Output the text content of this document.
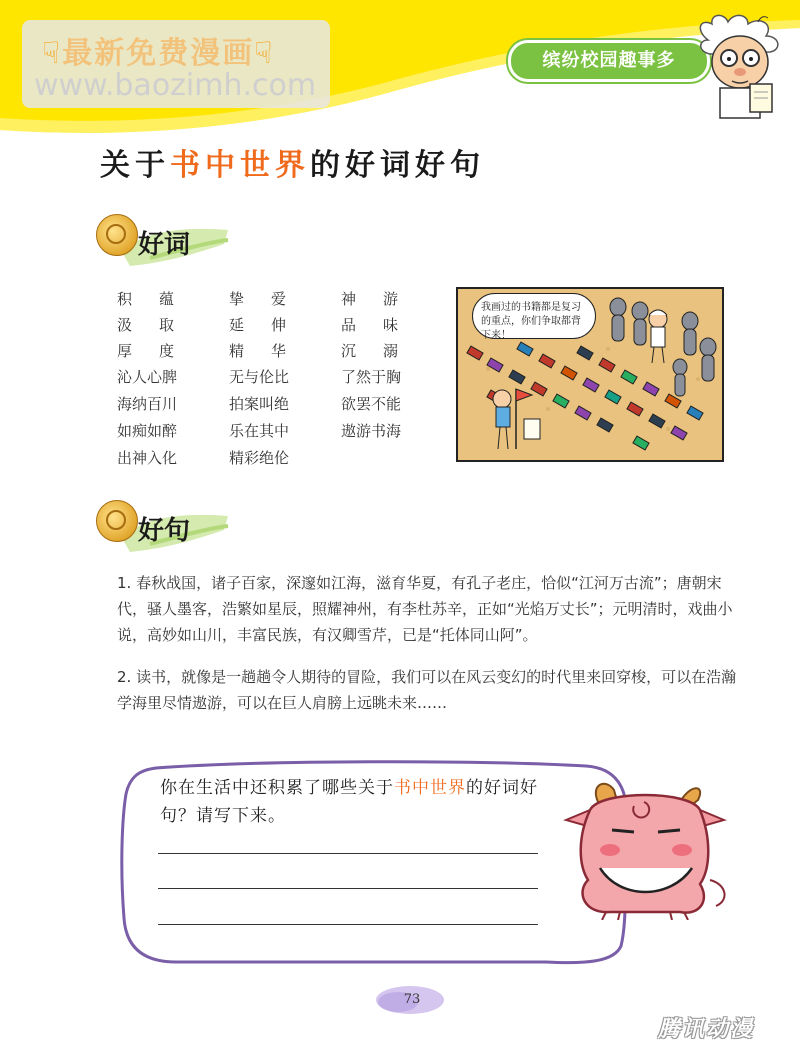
☟最新免费漫画☟
www.baozimh.com
缤纷校园趣事多
关于书中世界的好词好句
好词
积蕴
汲取
厚度
沁人心脾
海纳百川
如痴如醉
出神入化
挚爱
延伸
精华
无与伦比
拍案叫绝
乐在其中
精彩绝伦
神游
品味
沉溺
了然于胸
欲罢不能
遨游书海
我画过的书籍都是复习的重点，你们争取都背下来！
好句
1. 春秋战国，诸子百家，深邃如江海，滋育华夏，有孔子老庄，恰似“江河万古流”；唐朝宋代，骚人墨客，浩繁如星辰，照耀神州，有李杜苏辛，正如“光焰万丈长”；元明清时，戏曲小说，高妙如山川，丰富民族，有汉卿雪芹，已是“托体同山阿”。
2. 读书，就像是一趟趟令人期待的冒险，我们可以在风云变幻的时代里来回穿梭，可以在浩瀚学海里尽情遨游，可以在巨人肩膀上远眺未来……
你在生活中还积累了哪些关于书中世界的好词好句？请写下来。
73
腾讯动漫
